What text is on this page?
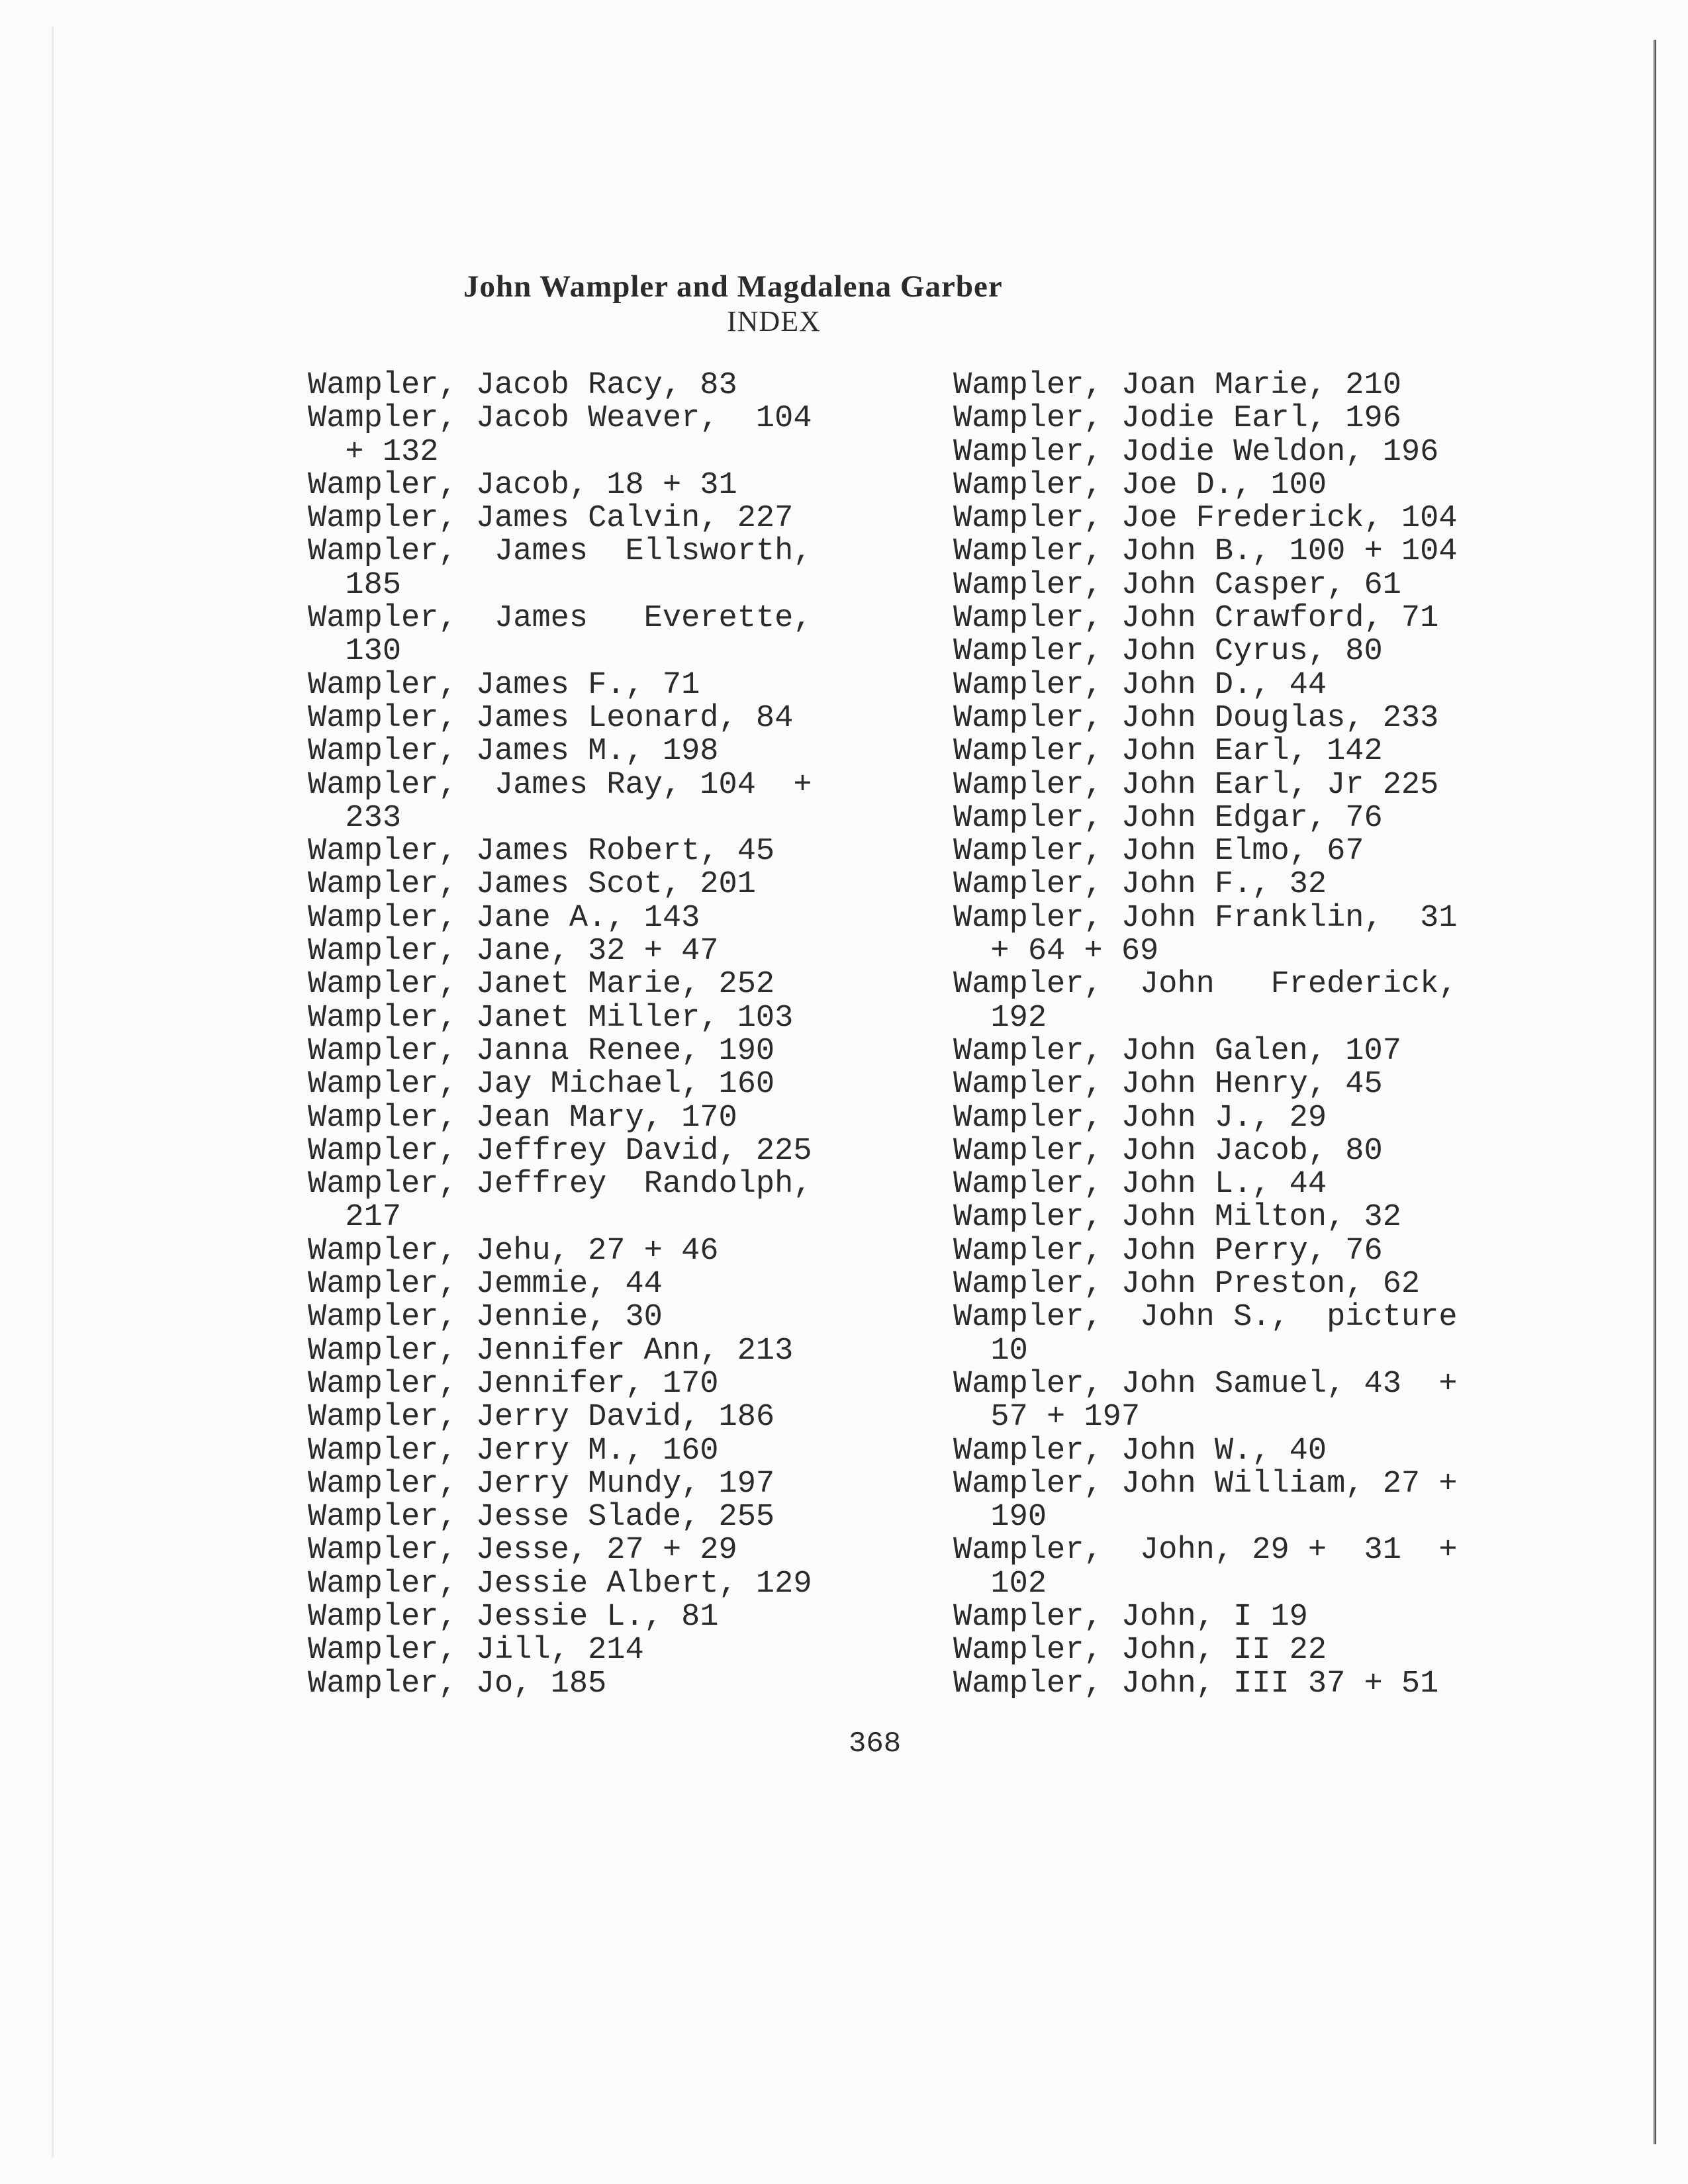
John Wampler and Magdalena Garber
INDEX
Wampler, Jacob Racy, 83
Wampler, Jacob Weaver,  104
+ 132
Wampler, Jacob, 18 + 31
Wampler, James Calvin, 227
Wampler,  James  Ellsworth,
185
Wampler,  James   Everette,
130
Wampler, James F., 71
Wampler, James Leonard, 84
Wampler, James M., 198
Wampler,  James Ray, 104  +
233
Wampler, James Robert, 45
Wampler, James Scot, 201
Wampler, Jane A., 143
Wampler, Jane, 32 + 47
Wampler, Janet Marie, 252
Wampler, Janet Miller, 103
Wampler, Janna Renee, 190
Wampler, Jay Michael, 160
Wampler, Jean Mary, 170
Wampler, Jeffrey David, 225
Wampler, Jeffrey  Randolph,
217
Wampler, Jehu, 27 + 46
Wampler, Jemmie, 44
Wampler, Jennie, 30
Wampler, Jennifer Ann, 213
Wampler, Jennifer, 170
Wampler, Jerry David, 186
Wampler, Jerry M., 160
Wampler, Jerry Mundy, 197
Wampler, Jesse Slade, 255
Wampler, Jesse, 27 + 29
Wampler, Jessie Albert, 129
Wampler, Jessie L., 81
Wampler, Jill, 214
Wampler, Jo, 185
Wampler, Joan Marie, 210
Wampler, Jodie Earl, 196
Wampler, Jodie Weldon, 196
Wampler, Joe D., 100
Wampler, Joe Frederick, 104
Wampler, John B., 100 + 104
Wampler, John Casper, 61
Wampler, John Crawford, 71
Wampler, John Cyrus, 80
Wampler, John D., 44
Wampler, John Douglas, 233
Wampler, John Earl, 142
Wampler, John Earl, Jr 225
Wampler, John Edgar, 76
Wampler, John Elmo, 67
Wampler, John F., 32
Wampler, John Franklin,  31
+ 64 + 69
Wampler,  John   Frederick,
192
Wampler, John Galen, 107
Wampler, John Henry, 45
Wampler, John J., 29
Wampler, John Jacob, 80
Wampler, John L., 44
Wampler, John Milton, 32
Wampler, John Perry, 76
Wampler, John Preston, 62
Wampler,  John S.,  picture
10
Wampler, John Samuel, 43  +
57 + 197
Wampler, John W., 40
Wampler, John William, 27 +
190
Wampler,  John, 29 +  31  +
102
Wampler, John, I 19
Wampler, John, II 22
Wampler, John, III 37 + 51
368
